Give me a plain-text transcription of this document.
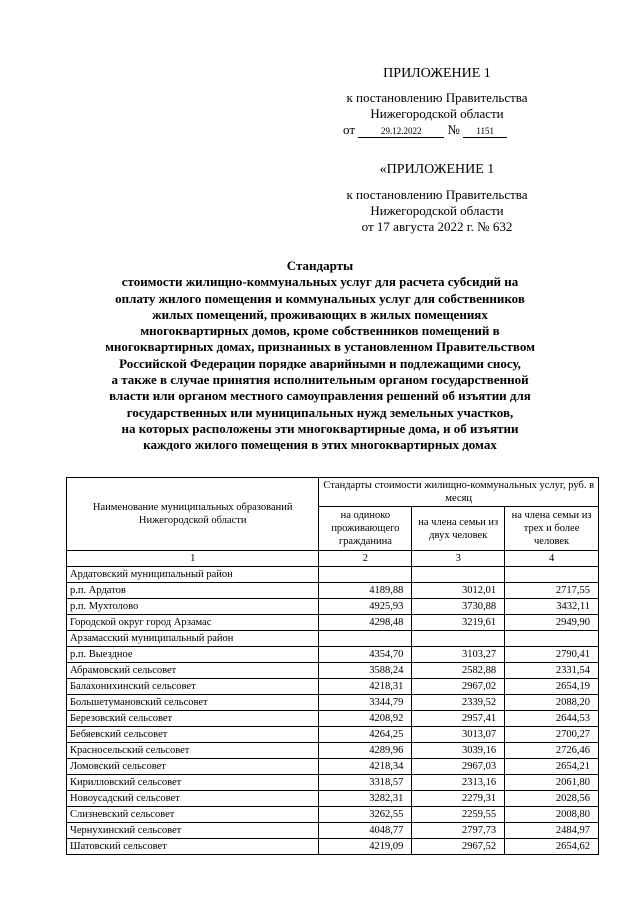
ПРИЛОЖЕНИЕ 1
к постановлению Правительства
Нижегородской области
от	29.12.2022 № 1151
«ПРИЛОЖЕНИЕ 1
к постановлению Правительства
Нижегородской области
от 17 августа 2022 г. № 632
Стандарты
стоимости жилищно-коммунальных услуг для расчета субсидий на
оплату жилого помещения и коммунальных услуг для собственников
жилых помещений, проживающих в жилых помещениях
многоквартирных домов, кроме собственников помещений в
многоквартирных домах, признанных в установленном Правительством
Российской Федерации порядке аварийными и подлежащими сносу,
а также в случае принятия исполнительным органом государственной
власти или органом местного самоуправления решений об изъятии для
государственных или муниципальных нужд земельных участков,
на которых расположены эти многоквартирные дома, и об изъятии
каждого жилого помещения в этих многоквартирных домах
Наименование муниципальных образований Нижегородской области	Стандарты стоимости жилищно-коммунальных услуг, руб. в месяц		
	на одиноко проживающего гражданина	на члена семьи из двух человек	на члена семьи из трех и более человек
1	2	3	4
Ардатовский муниципальный район			
р.п. Ардатов	4189,88	3012,01	2717,55
р.п. Мухтолово	4925,93	3730,88	3432,11
Городской округ город Арзамас	4298,48	3219,61	2949,90
Арзамасский муниципальный район			
р.п. Выездное	4354,70	3103,27	2790,41
Абрамовский сельсовет	3588,24	2582,88	2331,54
Балахонихинский сельсовет	4218,31	2967,02	2654,19
Большетумановский сельсовет	3344,79	2339,52	2088,20
Березовский сельсовет	4208,92	2957,41	2644,53
Бебяевский сельсовет	4264,25	3013,07	2700,27
Красносельский сельсовет	4289,96	3039,16	2726,46
Ломовский сельсовет	4218,34	2967,03	2654,21
Кирилловский сельсовет	3318,57	2313,16	2061,80
Новоусадский сельсовет	3282,31	2279,31	2028,56
Слизневский сельсовет	3262,55	2259,55	2008,80
Чернухинский сельсовет	4048,77	2797,73	2484,97
Шатовский сельсовет	4219,09	2967,52	2654,62
